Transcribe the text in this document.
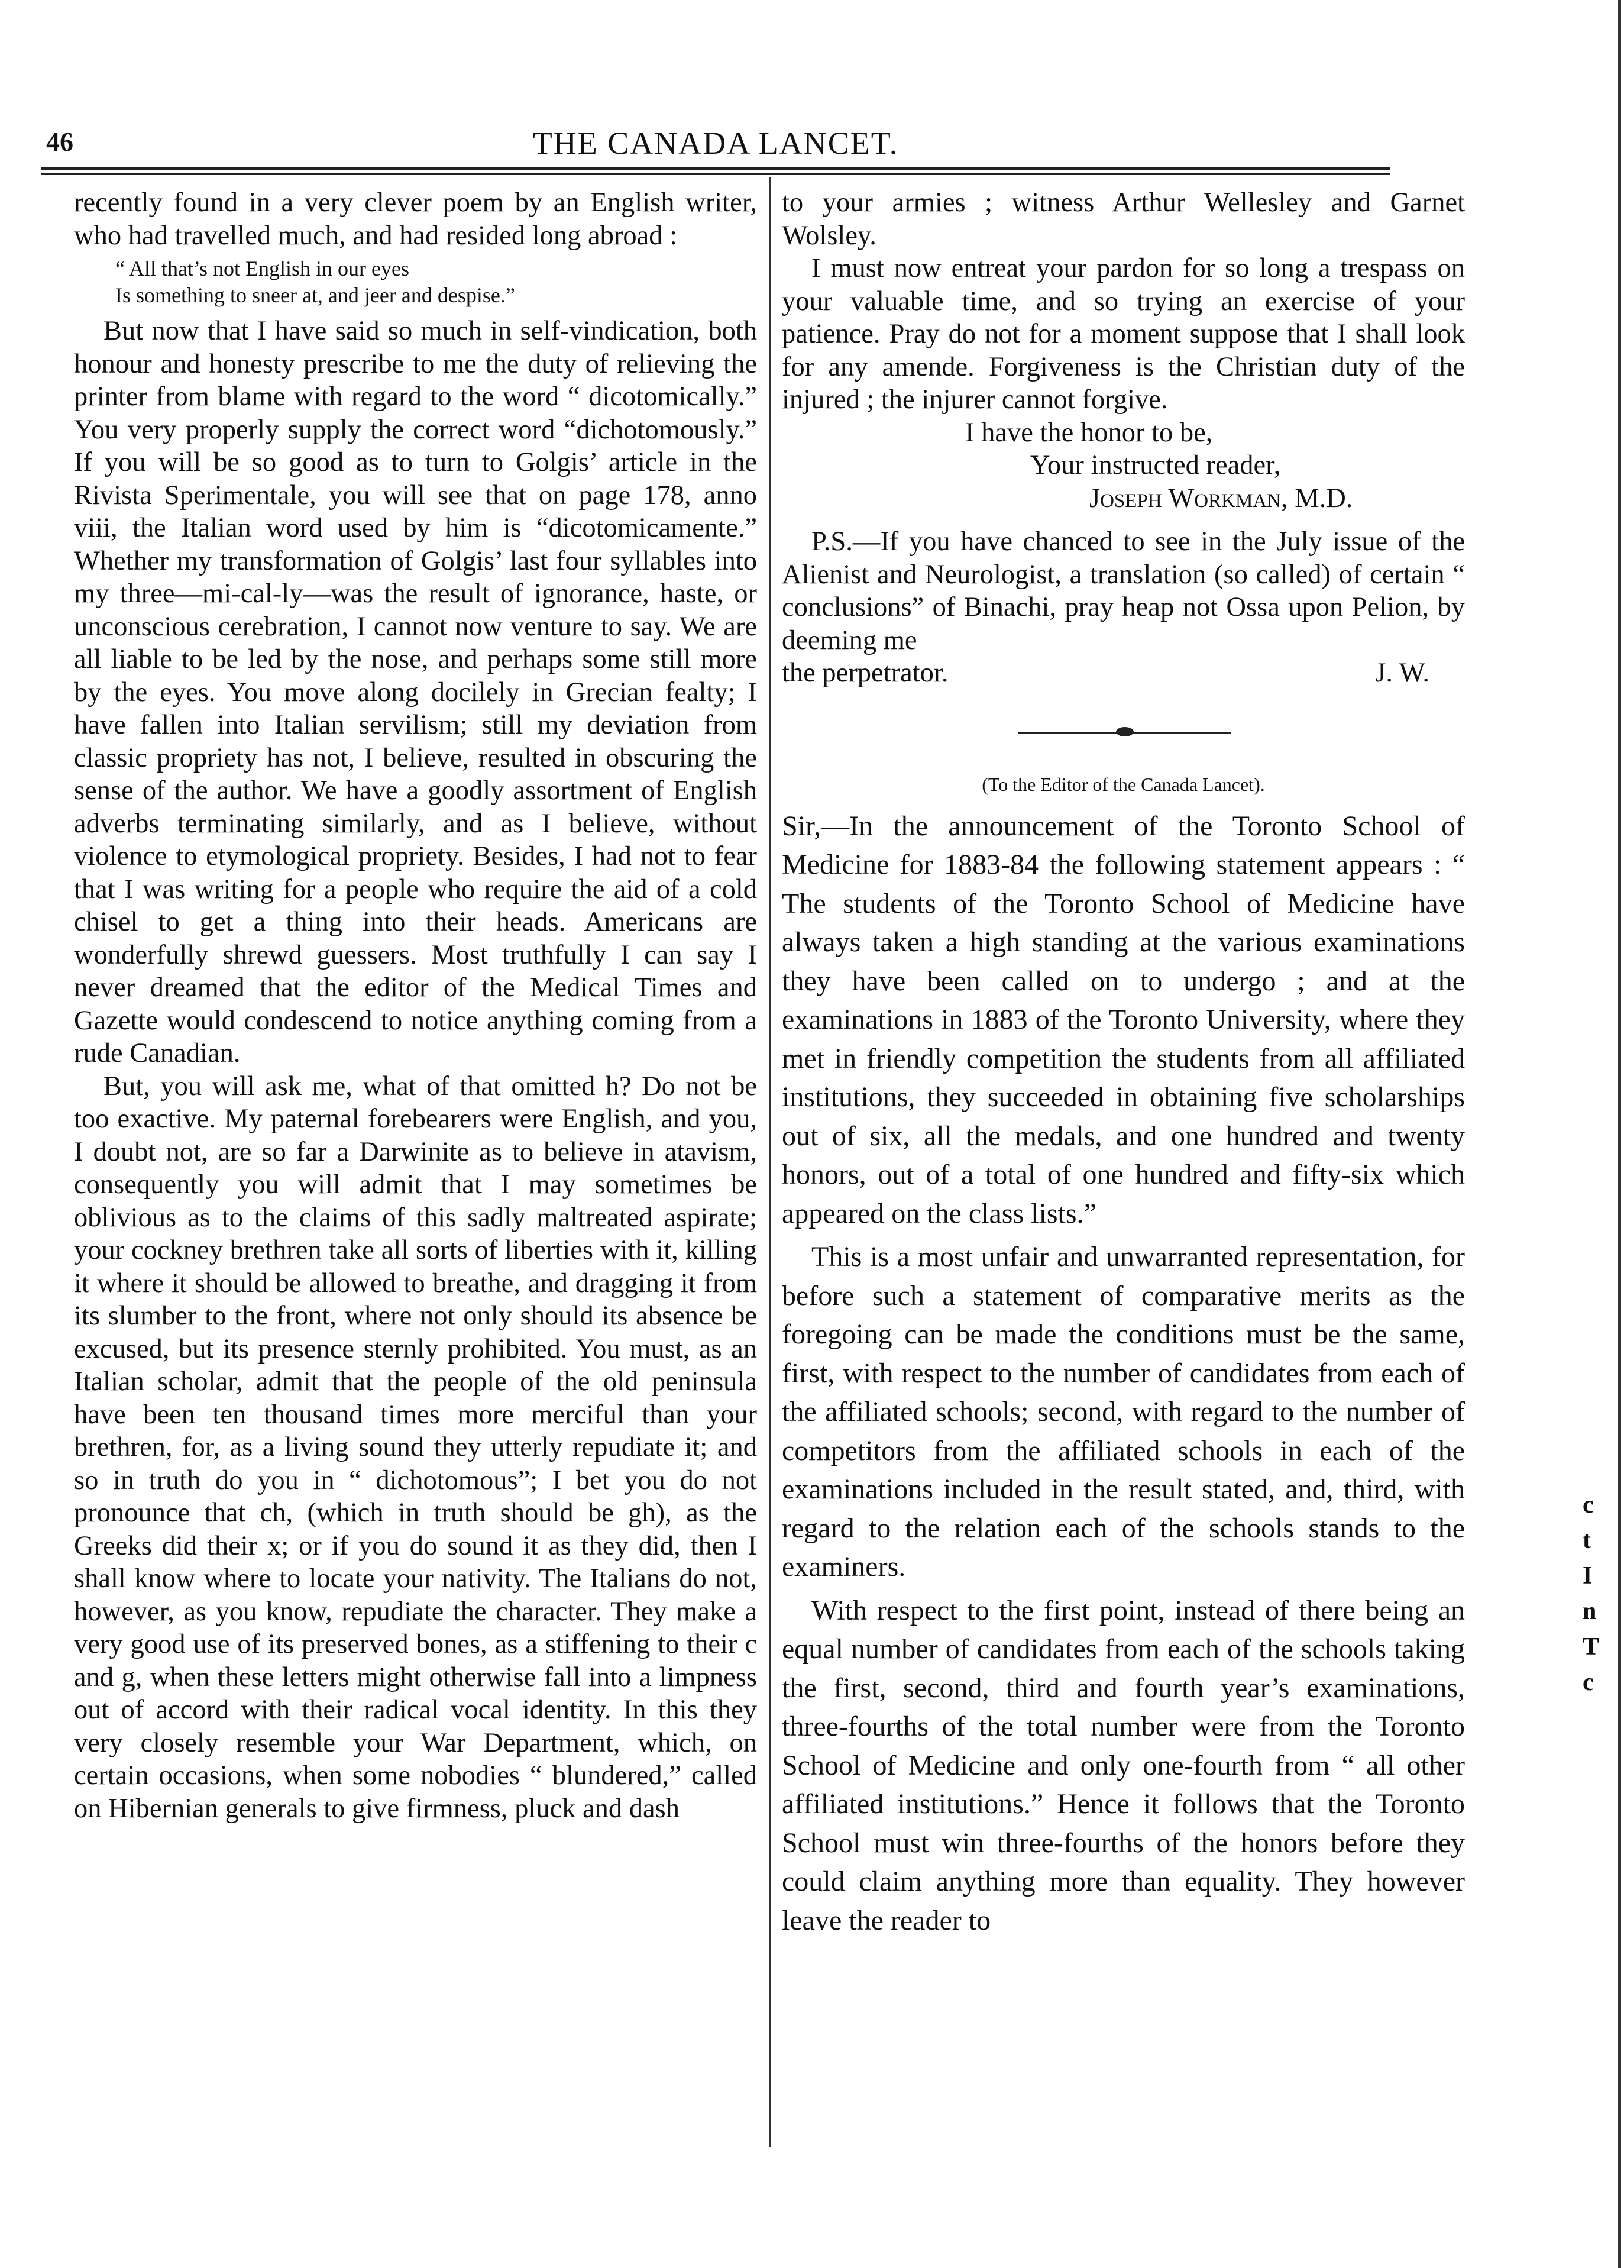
46	THE CANADA LANCET.

recently found in a very clever poem by an English writer, who had travelled much, and had resided long abroad :

“ All that’s not English in our eyes
Is something to sneer at, and jeer and despise.”

But now that I have said so much in self-vindication, both honour and honesty prescribe to me the duty of relieving the printer from blame with regard to the word “ dicotomically.” You very properly supply the correct word “dichotomously.” If you will be so good as to turn to Golgis’ article in the Rivista Sperimentale, you will see that on page 178, anno viii, the Italian word used by him is “dicotomicamente.” Whether my transformation of Golgis’ last four syllables into my three—mi-cal-ly—was the result of ignorance, haste, or unconscious cerebration, I cannot now venture to say. We are all liable to be led by the nose, and perhaps some still more by the eyes. You move along docilely in Grecian fealty; I have fallen into Italian servilism; still my deviation from classic propriety has not, I believe, resulted in obscuring the sense of the author. We have a goodly assortment of English adverbs terminating similarly, and as I believe, without violence to etymological propriety. Besides, I had not to fear that I was writing for a people who require the aid of a cold chisel to get a thing into their heads. Americans are wonderfully shrewd guessers. Most truthfully I can say I never dreamed that the editor of the Medical Times and Gazette would condescend to notice anything coming from a rude Canadian.

But, you will ask me, what of that omitted h? Do not be too exactive. My paternal forebearers were English, and you, I doubt not, are so far a Darwinite as to believe in atavism, consequently you will admit that I may sometimes be oblivious as to the claims of this sadly maltreated aspirate; your cockney brethren take all sorts of liberties with it, killing it where it should be allowed to breathe, and dragging it from its slumber to the front, where not only should its absence be excused, but its presence sternly prohibited. You must, as an Italian scholar, admit that the people of the old peninsula have been ten thousand times more merciful than your brethren, for, as a living sound they utterly repudiate it; and so in truth do you in “ dichotomous”; I bet you do not pronounce that ch, (which in truth should be gh), as the Greeks did their x; or if you do sound it as they did, then I shall know where to locate your nativity. The Italians do not, however, as you know, repudiate the character. They make a very good use of its preserved bones, as a stiffening to their c and g, when these letters might otherwise fall into a limpness out of accord with their radical vocal identity. In this they very closely resemble your War Department, which, on certain occasions, when some nobodies “ blundered,” called on Hibernian generals to give firmness, pluck and dash

to your armies ; witness Arthur Wellesley and Garnet Wolsley.

I must now entreat your pardon for so long a trespass on your valuable time, and so trying an exercise of your patience. Pray do not for a moment suppose that I shall look for any amende. Forgiveness is the Christian duty of the injured ; the injurer cannot forgive.

I have the honor to be,
Your instructed reader,
Joseph Workman, M.D.

P.S.—If you have chanced to see in the July issue of the Alienist and Neurologist, a translation (so called) of certain “ conclusions” of Binachi, pray heap not Ossa upon Pelion, by deeming me

the perpetrator.	J. W.
(To the Editor of the Canada Lancet).

Sir,—In the announcement of the Toronto School of Medicine for 1883-84 the following statement appears : “ The students of the Toronto School of Medicine have always taken a high standing at the various examinations they have been called on to undergo ; and at the examinations in 1883 of the Toronto University, where they met in friendly competition the students from all affiliated institutions, they succeeded in obtaining five scholarships out of six, all the medals, and one hundred and twenty honors, out of a total of one hundred and fifty-six which appeared on the class lists.”

This is a most unfair and unwarranted representation, for before such a statement of comparative merits as the foregoing can be made the conditions must be the same, first, with respect to the number of candidates from each of the affiliated schools; second, with regard to the number of competitors from the affiliated schools in each of the examinations included in the result stated, and, third, with regard to the relation each of the schools stands to the examiners.

With respect to the first point, instead of there being an equal number of candidates from each of the schools taking the first, second, third and fourth year’s examinations, three-fourths of the total number were from the Toronto School of Medicine and only one-fourth from “ all other affiliated institutions.” Hence it follows that the Toronto School must win three-fourths of the honors before they could claim anything more than equality. They however leave the reader to

c
t
I
n
T
c
